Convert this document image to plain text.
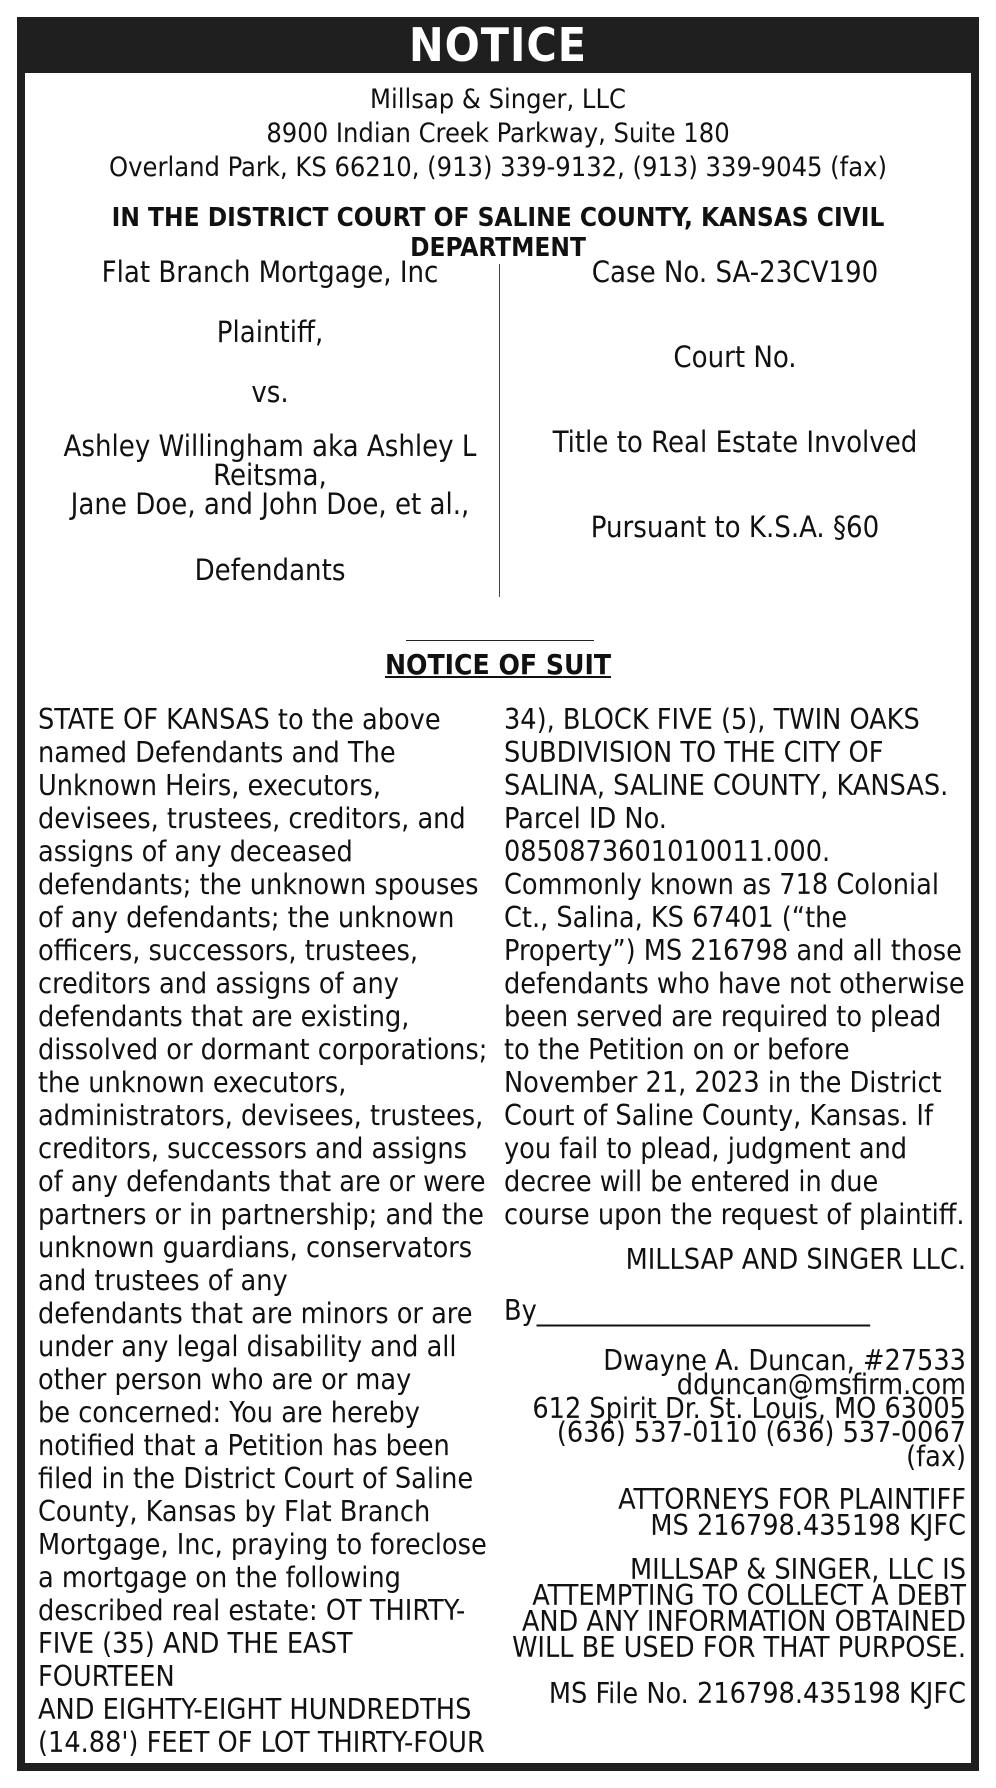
NOTICE
Millsap & Singer, LLC
8900 Indian Creek Parkway, Suite 180
Overland Park, KS 66210, (913) 339-9132, (913) 339-9045 (fax)
IN THE DISTRICT COURT OF SALINE COUNTY, KANSAS CIVIL DEPARTMENT
Flat Branch Mortgage, Inc
Plaintiff,
vs.
Ashley Willingham aka Ashley L Reitsma,
Jane Doe, and John Doe, et al.,
Defendants
Case No. SA-23CV190
Court No.
Title to Real Estate Involved
Pursuant to K.S.A. §60
NOTICE OF SUIT
STATE OF KANSAS to the above
named Defendants and The
Unknown Heirs, executors,
devisees, trustees, creditors, and
assigns of any deceased
defendants; the unknown spouses
of any defendants; the unknown
officers, successors, trustees,
creditors and assigns of any
defendants that are existing,
dissolved or dormant corporations;
the unknown executors,
administrators, devisees, trustees,
creditors, successors and assigns
of any defendants that are or were
partners or in partnership; and the
unknown guardians, conservators
and trustees of any
defendants that are minors or are
under any legal disability and all
other person who are or may
be concerned: You are hereby
notified that a Petition has been
filed in the District Court of Saline
County, Kansas by Flat Branch
Mortgage, Inc, praying to foreclose
a mortgage on the following
described real estate: OT THIRTY-
FIVE (35) AND THE EAST FOURTEEN
AND EIGHTY-EIGHT HUNDREDTHS
(14.88') FEET OF LOT THIRTY-FOUR

34), BLOCK FIVE (5), TWIN OAKS SUBDIVISION TO THE CITY OF SALINA, SALINE COUNTY, KANSAS. Parcel ID No. 0850873601010011.000. Commonly known as 718 Colonial Ct., Salina, KS 67401 (“the Property”) MS 216798 and all those defendants who have not otherwise been served are required to plead to the Petition on or before November 21, 2023 in the District Court of Saline County, Kansas. If you fail to plead, judgment and decree will be entered in due course upon the request of plaintiff.

MILLSAP AND SINGER LLC.

By__________________________

Dwayne A. Duncan, #27533

dduncan@msfirm.com

612 Spirit Dr. St. Louis, MO 63005

(636) 537-0110 (636) 537-0067 (fax)

ATTORNEYS FOR PLAINTIFF

MS 216798.435198 KJFC

MILLSAP & SINGER, LLC IS ATTEMPTING TO COLLECT A DEBT AND ANY INFORMATION OBTAINED WILL BE USED FOR THAT PURPOSE.

MS File No. 216798.435198 KJFC
